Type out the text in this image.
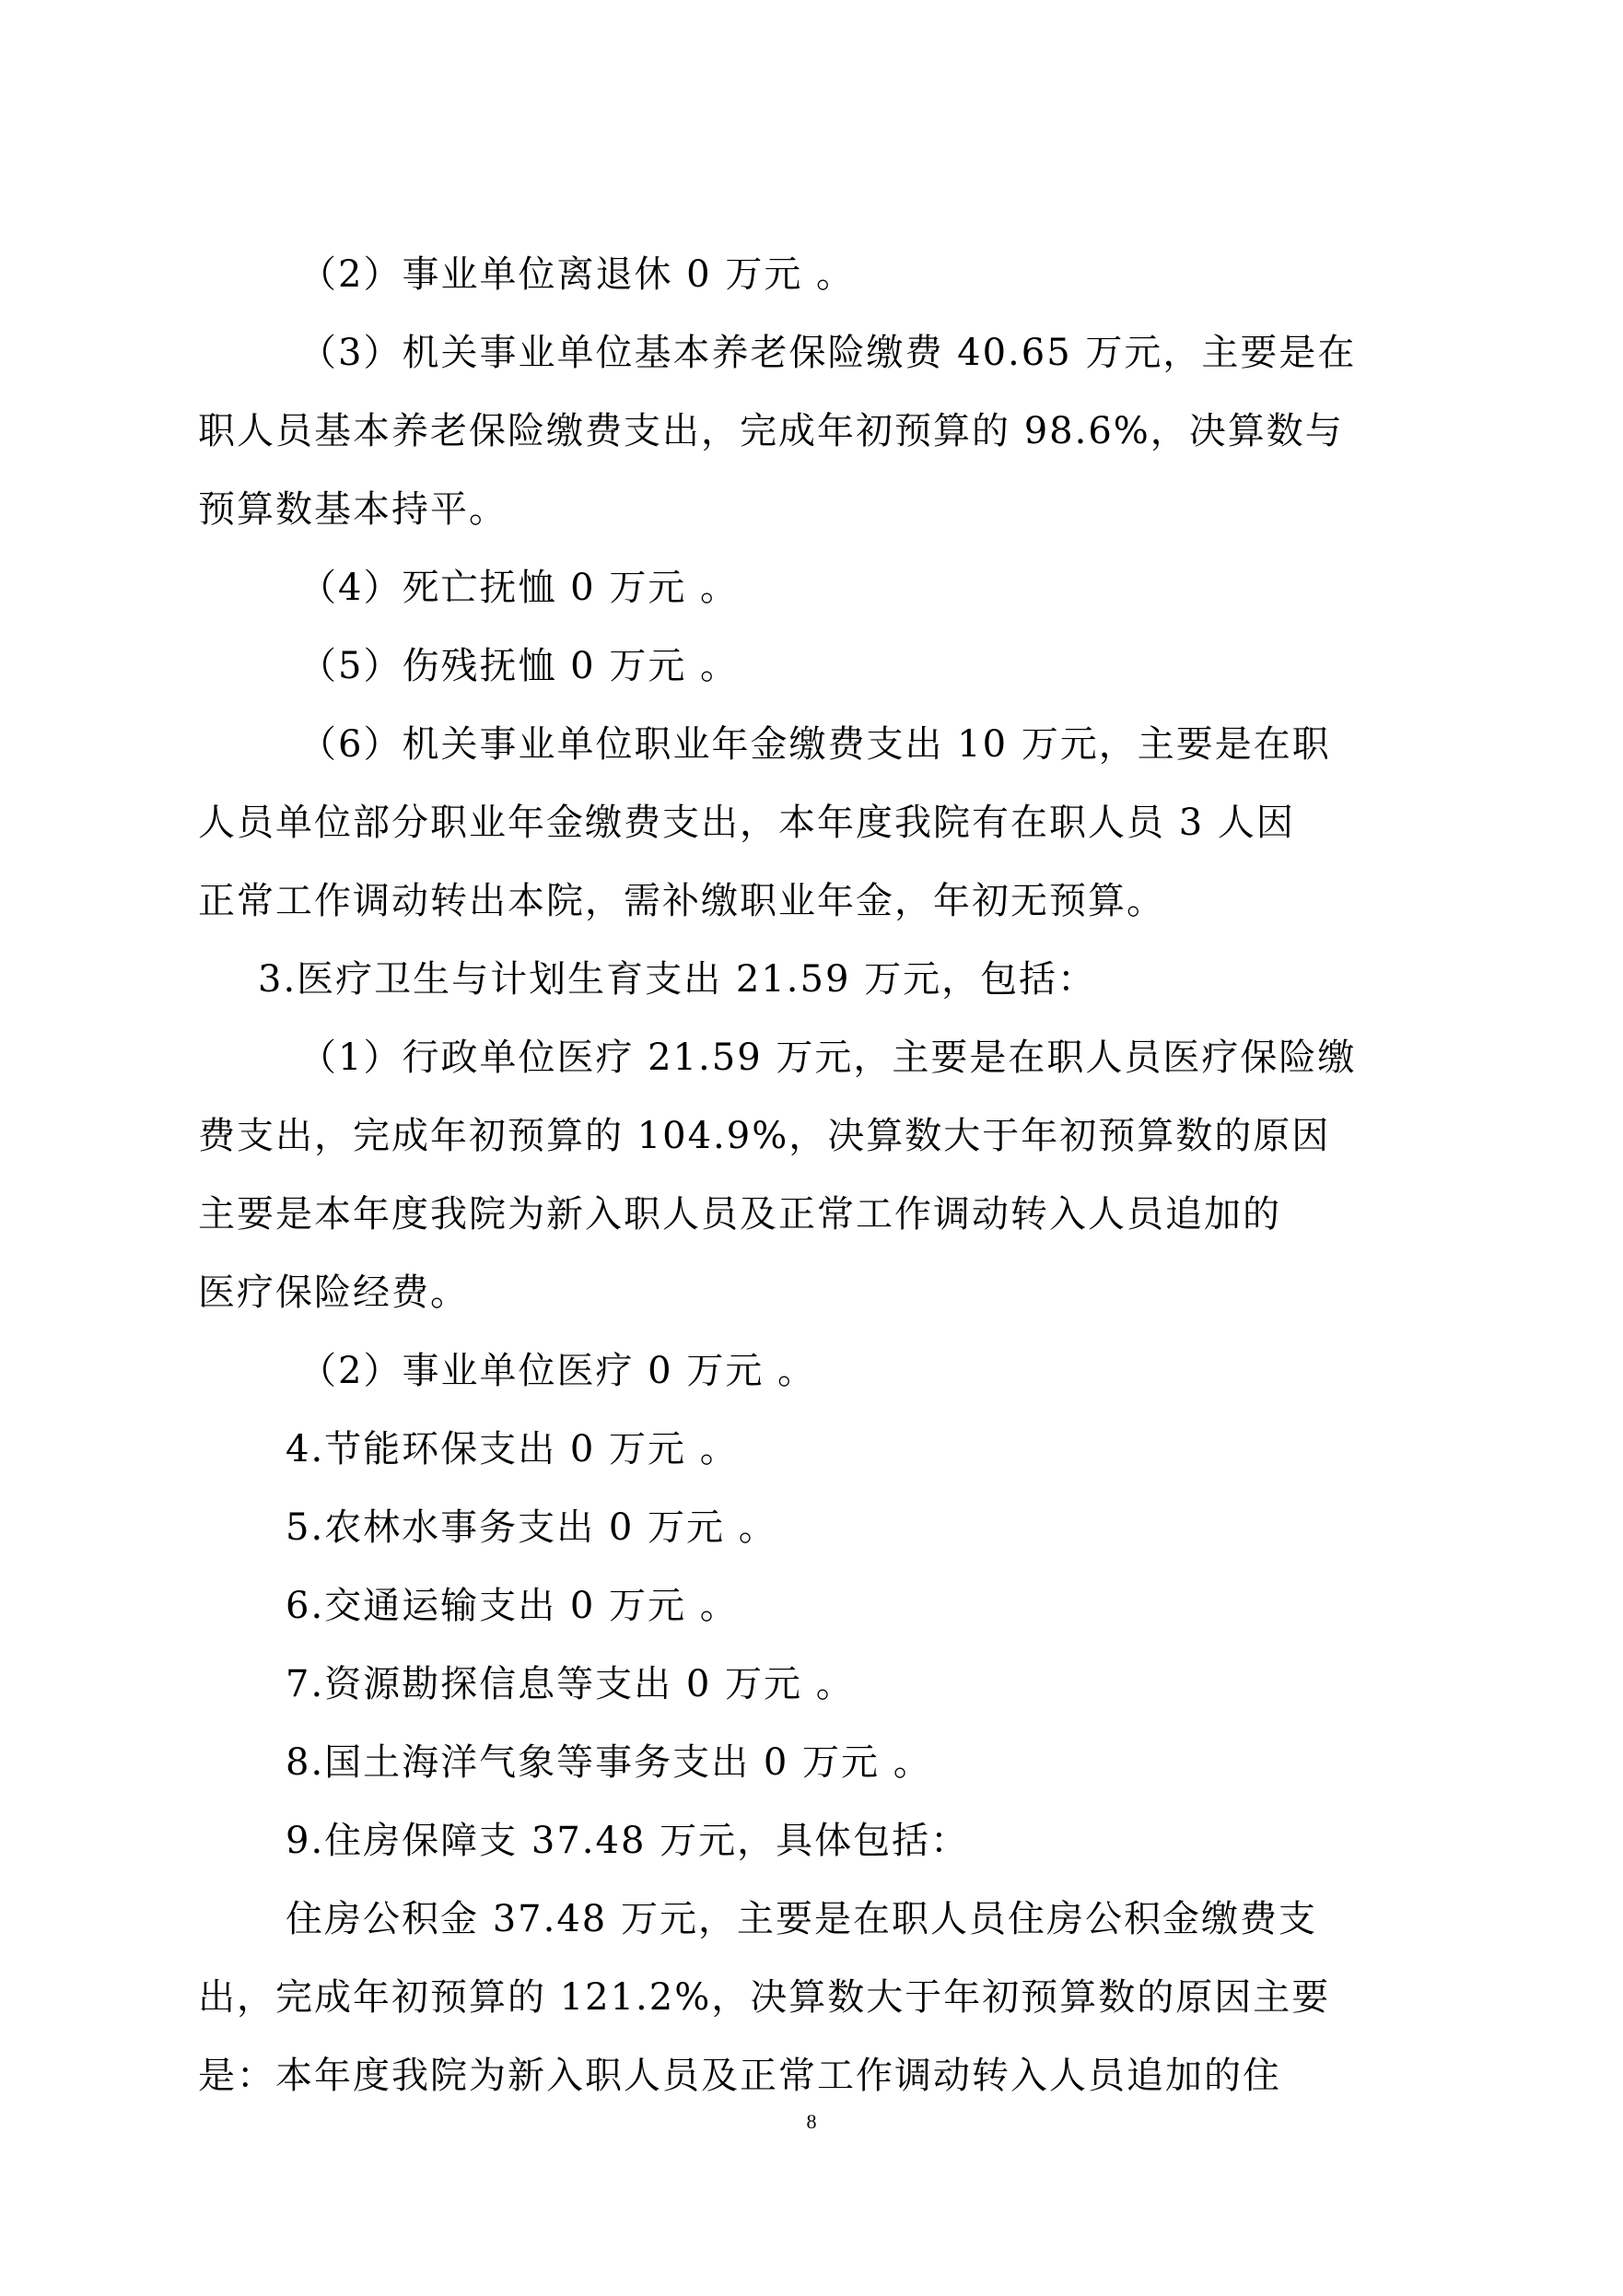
（2）事业单位离退休 0 万元 。
（3）机关事业单位基本养老保险缴费 40.65 万元，主要是在
职人员基本养老保险缴费支出，完成年初预算的 98.6%，决算数与
预算数基本持平。
（4）死亡抚恤 0 万元 。
（5）伤残抚恤 0 万元 。
（6）机关事业单位职业年金缴费支出 10 万元，主要是在职
人员单位部分职业年金缴费支出，本年度我院有在职人员 3 人因
正常工作调动转出本院，需补缴职业年金，年初无预算。
3.医疗卫生与计划生育支出 21.59 万元，包括：
（1）行政单位医疗 21.59 万元，主要是在职人员医疗保险缴
费支出，完成年初预算的 104.9%，决算数大于年初预算数的原因
主要是本年度我院为新入职人员及正常工作调动转入人员追加的
医疗保险经费。
（2）事业单位医疗 0 万元 。
4.节能环保支出 0 万元 。
5.农林水事务支出 0 万元 。
6.交通运输支出 0 万元 。
7.资源勘探信息等支出 0 万元 。
8.国土海洋气象等事务支出 0 万元 。
9.住房保障支 37.48 万元，具体包括：
住房公积金 37.48 万元，主要是在职人员住房公积金缴费支
出，完成年初预算的 121.2%，决算数大于年初预算数的原因主要
是：本年度我院为新入职人员及正常工作调动转入人员追加的住
8
